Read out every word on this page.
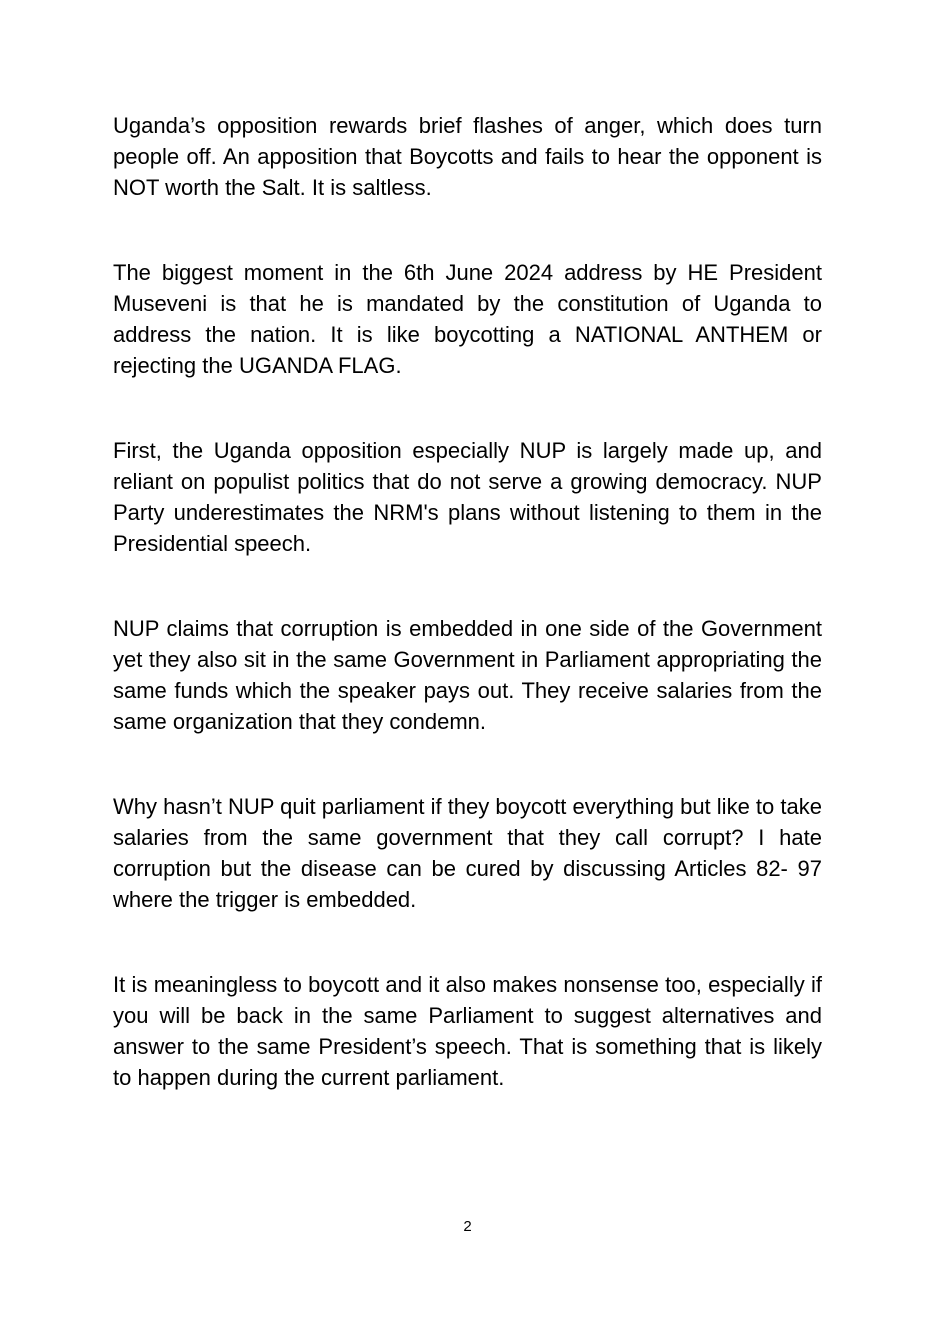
Uganda’s opposition rewards brief flashes of anger, which does turn people off. An apposition that Boycotts and fails to hear the opponent is NOT worth the Salt. It is saltless.

The biggest moment in the 6th June 2024 address by HE President Museveni is that he is mandated by the constitution of Uganda to address the nation. It is like boycotting a NATIONAL ANTHEM or rejecting the UGANDA FLAG.

First, the Uganda opposition especially NUP is largely made up, and reliant on populist politics that do not serve a growing democracy. NUP Party underestimates the NRM's plans without listening to them in the Presidential speech.

NUP claims that corruption is embedded in one side of the Government yet they also sit in the same Government in Parliament appropriating the same funds which the speaker pays out. They receive salaries from the same organization that they condemn.

Why hasn’t NUP quit parliament if they boycott everything but like to take salaries from the same government that they call corrupt? I hate corruption but the disease can be cured by discussing Articles 82- 97 where the trigger is embedded.

It is meaningless to boycott and it also makes nonsense too, especially if you will be back in the same Parliament to suggest alternatives and answer to the same President’s speech. That is something that is likely to happen during the current parliament.

2
